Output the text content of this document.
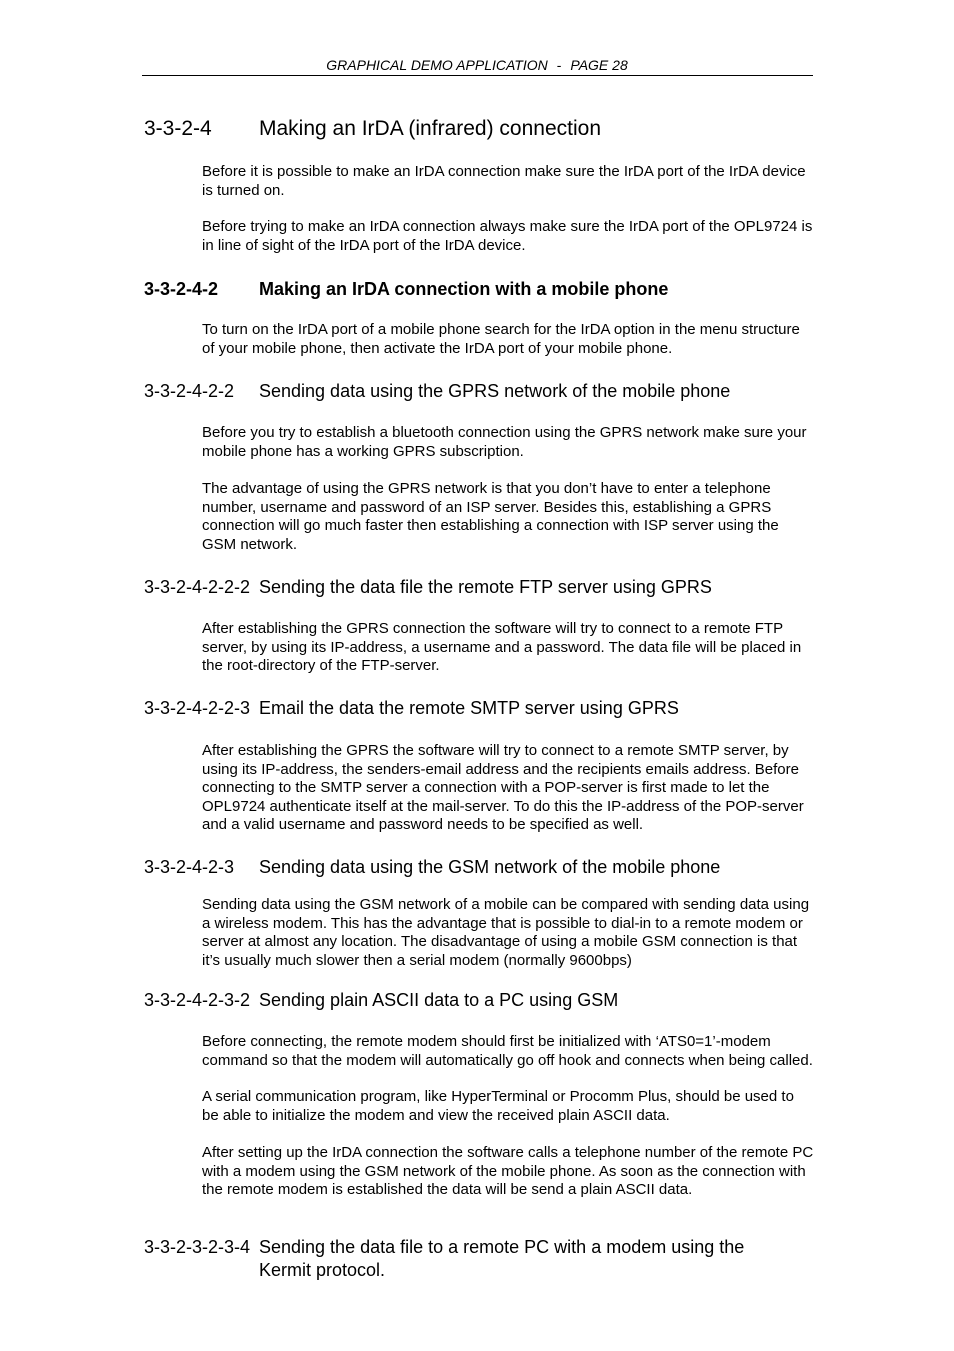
GRAPHICAL DEMO APPLICATION - PAGE 28
3-3-2-4	Making an IrDA (infrared) connection

Before it is possible to make an IrDA connection make sure the IrDA port of the IrDA device is turned on.

Before trying to make an IrDA connection always make sure the IrDA port of the OPL9724 is in line of sight of the IrDA port of the IrDA device.

3-3-2-4-2	Making an IrDA connection with a mobile phone

To turn on the IrDA port of a mobile phone search for the IrDA option in the menu structure of your mobile phone, then activate the IrDA port of your mobile phone.

3-3-2-4-2-2	Sending data using the GPRS network of the mobile phone

Before you try to establish a bluetooth connection using the GPRS network make sure your mobile phone has a working GPRS subscription.

The advantage of using the GPRS network is that you don’t have to enter a telephone number, username and password of an ISP server. Besides this, establishing a GPRS connection will go much faster then establishing a connection with ISP server using the GSM network.

3-3-2-4-2-2-2 Sending the data file the remote FTP server using GPRS

After establishing the GPRS connection the software will try to connect to a remote FTP server, by using its IP-address, a username and a password. The data file will be placed in the root-directory of the FTP-server.

3-3-2-4-2-2-3 Email the data the remote SMTP server using GPRS

After establishing the GPRS the software will try to connect to a remote SMTP server, by using its IP-address, the senders-email address and the recipients emails address. Before connecting to the SMTP server a connection with a POP-server is first made to let the OPL9724 authenticate itself at the mail-server. To do this the IP-address of the POP-server and a valid username and password needs to be specified as well.

3-3-2-4-2-3	Sending data using the GSM network of the mobile phone

Sending data using the GSM network of a mobile can be compared with sending data using a wireless modem. This has the advantage that is possible to dial-in to a remote modem or server at almost any location. The disadvantage of using a mobile GSM connection is that it’s usually much slower then a serial modem (normally 9600bps)

3-3-2-4-2-3-2 Sending plain ASCII data to a PC using GSM

Before connecting, the remote modem should first be initialized with ‘ATS0=1’-modem command so that the modem will automatically go off hook and connects when being called.

A serial communication program, like HyperTerminal or Procomm Plus, should be used to be able to initialize the modem and view the received plain ASCII data.

After setting up the IrDA connection the software calls a telephone number of the remote PC with a modem using the GSM network of the mobile phone. As soon as the connection with the remote modem is established the data will be send a plain ASCII data.

3-3-2-3-2-3-4 Sending the data file to a remote PC with a modem using the Kermit protocol.
